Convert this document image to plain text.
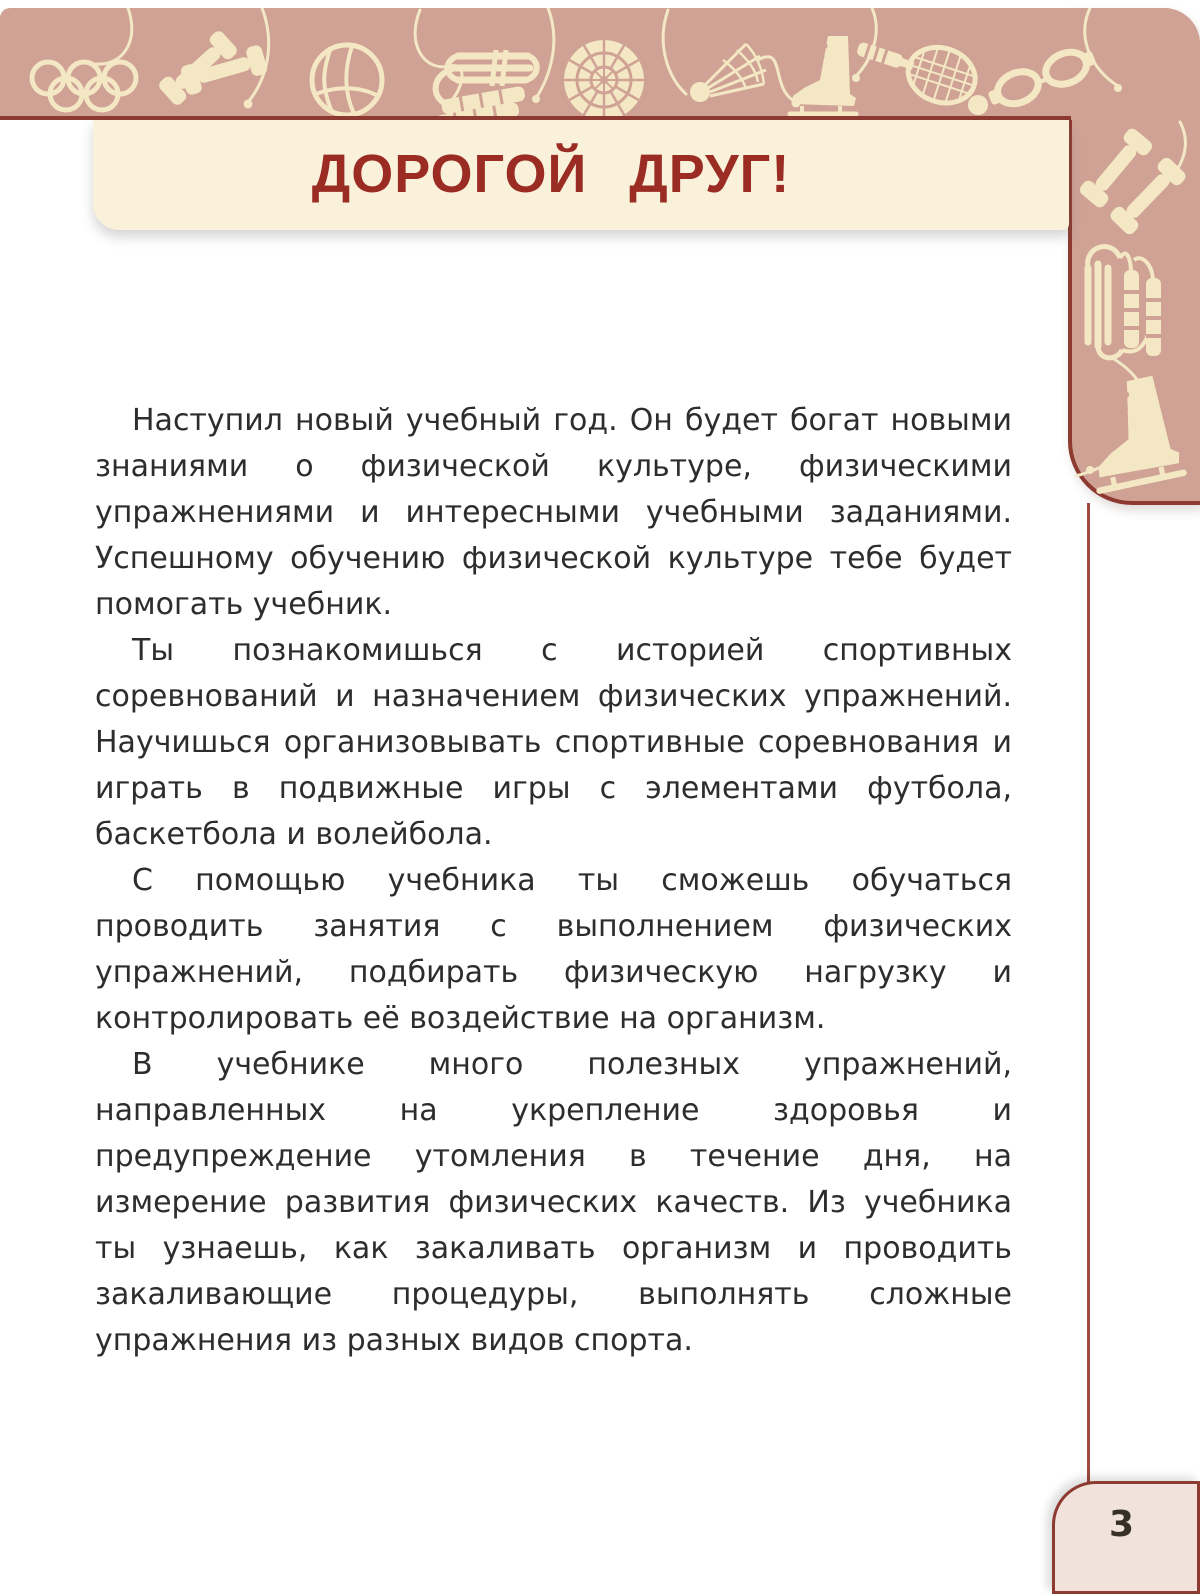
ДОРОГОЙ ДРУГ!

Наступил новый учебный год. Он будет богат новыми знаниями о физической культуре, физическими упражнениями и интересными учебными заданиями. Успешному обучению физической культуре тебе будет помогать учебник.

Ты познакомишься с историей спортивных соревнований и назначением физических упражнений. Научишься организовывать спортивные соревнования и играть в подвижные игры с элементами футбола, баскетбола и волейбола.

С помощью учебника ты сможешь обучаться проводить занятия с выполнением физических упражнений, подбирать физическую нагрузку и контролировать её воздействие на организм.

В учебнике много полезных упражнений, направленных на укрепление здоровья и предупреждение утомления в течение дня, на измерение развития физических качеств. Из учебника ты узнаешь, как закаливать организм и проводить закаливающие процедуры, выполнять сложные упражнения из разных видов спорта.

3
